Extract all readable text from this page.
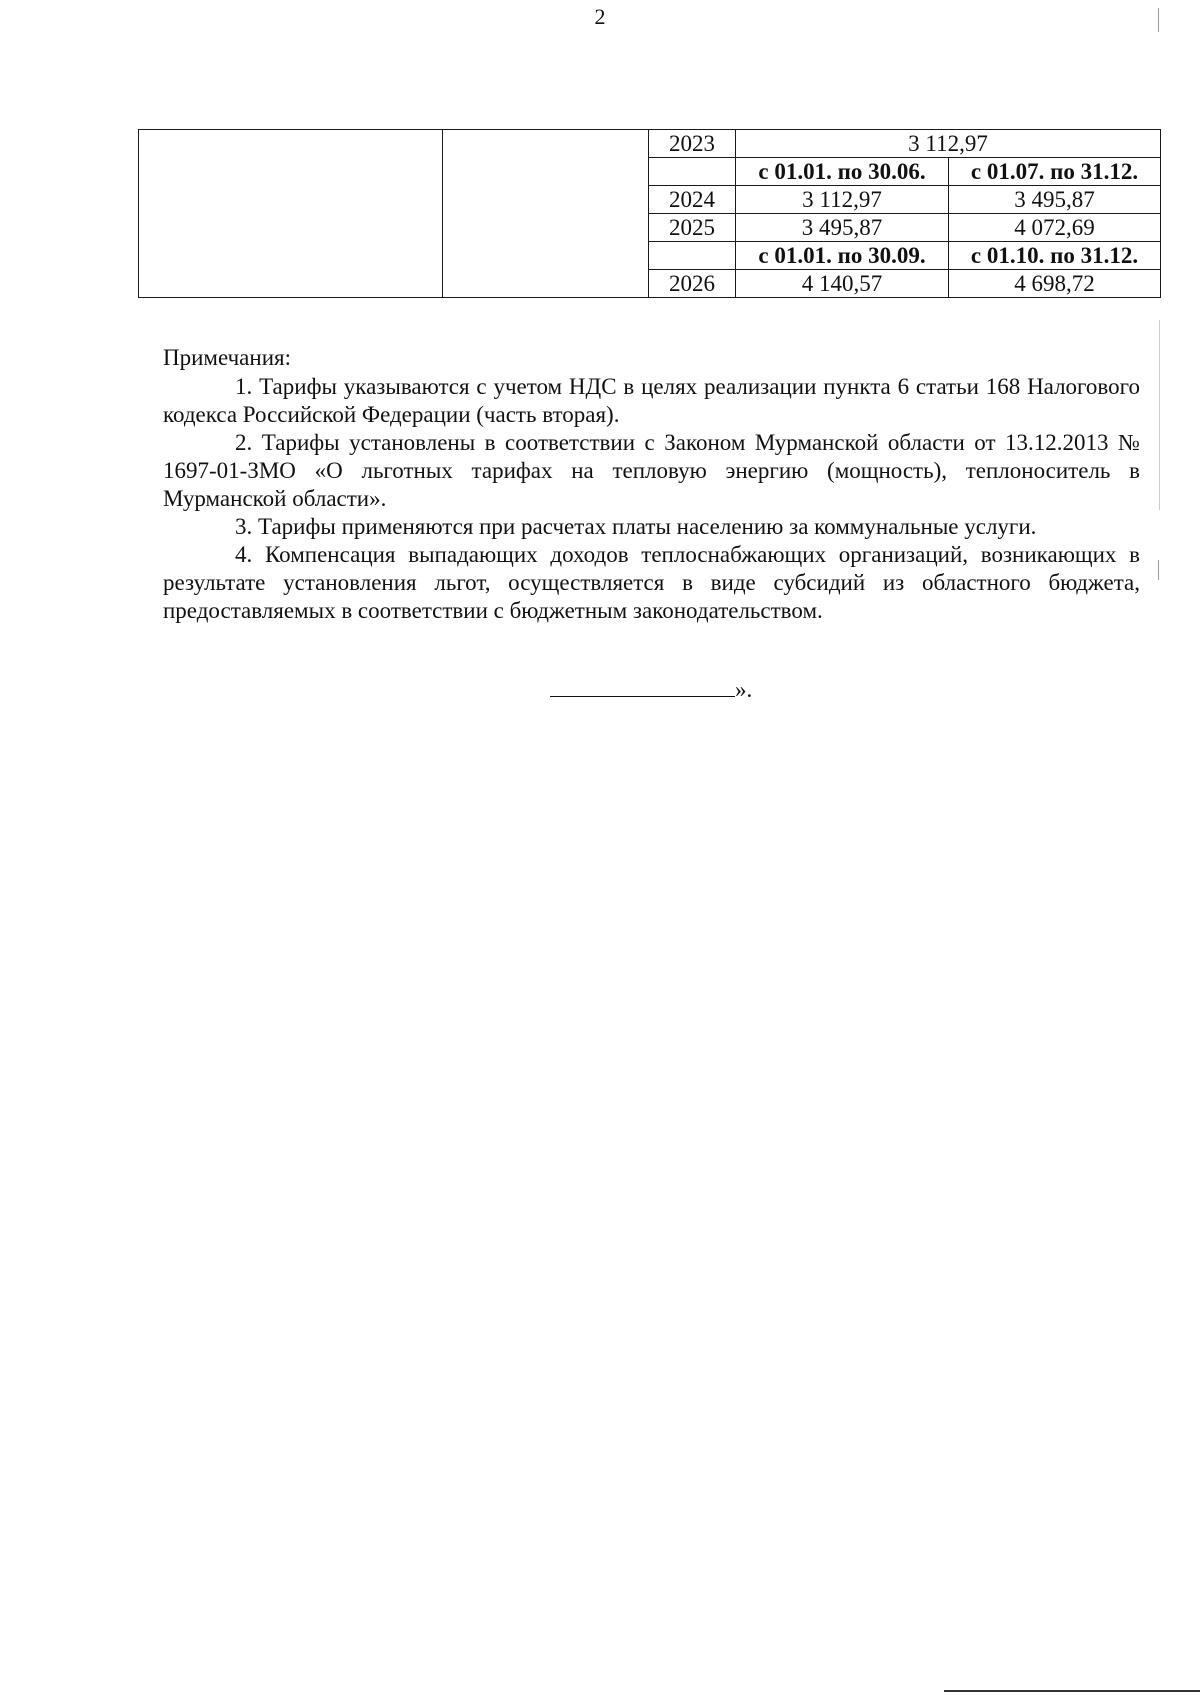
2
		2023	3 112,97	
			с 01.01. по 30.06.	с 01.07. по 31.12.
		2024	3 112,97	3 495,87
		2025	3 495,87	4 072,69
			с 01.01. по 30.09.	с 01.10. по 31.12.
		2026	4 140,57	4 698,72

Примечания:

1. Тарифы указываются с учетом НДС в целях реализации пункта 6 статьи 168 Налогового кодекса Российской Федерации (часть вторая).

2. Тарифы установлены в соответствии с Законом Мурманской области от 13.12.2013 № 1697-01-ЗМО «О льготных тарифах на тепловую энергию (мощность), теплоноситель в Мурманской области».

3. Тарифы применяются при расчетах платы населению за коммунальные услуги.

4. Компенсация выпадающих доходов теплоснабжающих организаций, возникающих в результате установления льгот, осуществляется в виде субсидий из областного бюджета, предоставляемых в соответствии с бюджетным законодательством.

».
